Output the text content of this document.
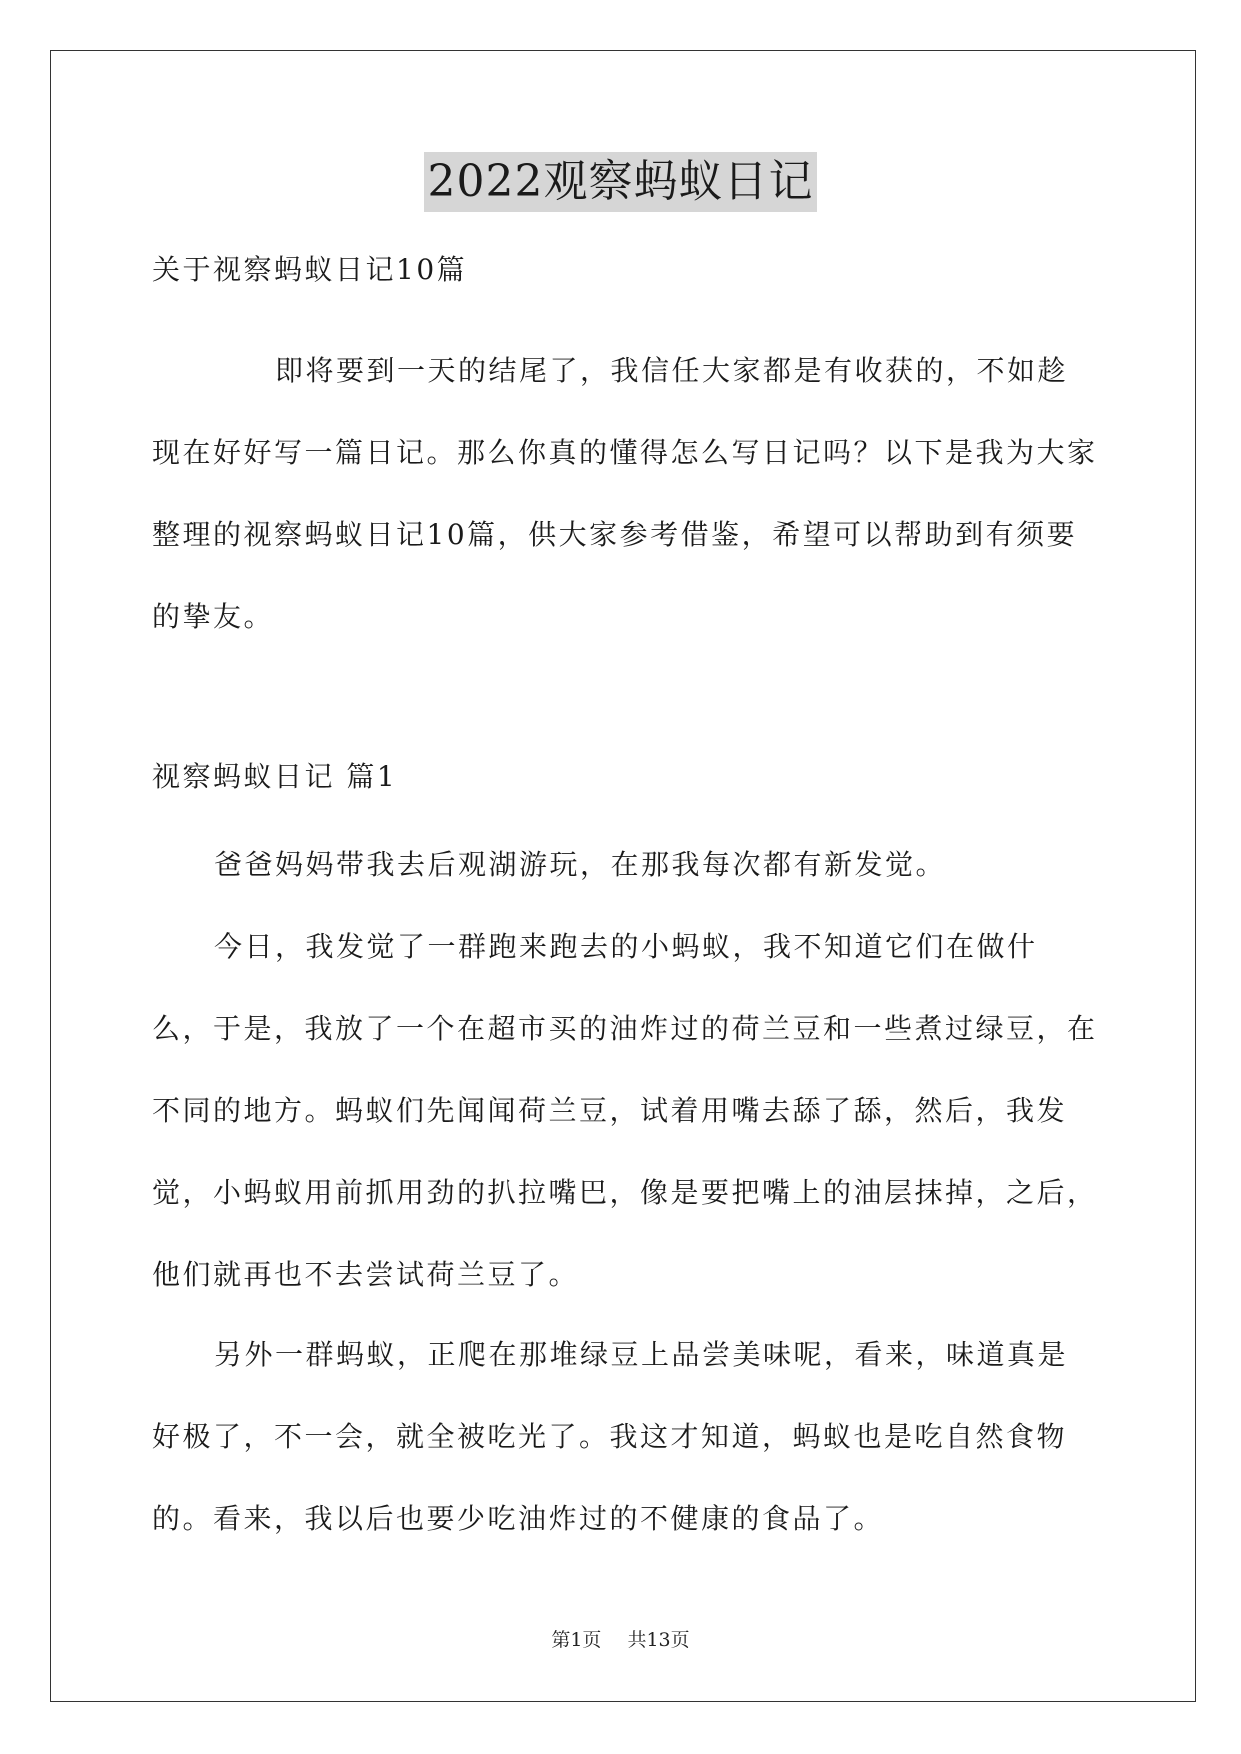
2022观察蚂蚁日记
关于视察蚂蚁日记10篇
即将要到一天的结尾了，我信任大家都是有收获的，不如趁现在好好写一篇日记。那么你真的懂得怎么写日记吗？以下是我为大家整理的视察蚂蚁日记10篇，供大家参考借鉴，希望可以帮助到有须要的挚友。
视察蚂蚁日记 篇1
爸爸妈妈带我去后观湖游玩，在那我每次都有新发觉。
今日，我发觉了一群跑来跑去的小蚂蚁，我不知道它们在做什么，于是，我放了一个在超市买的油炸过的荷兰豆和一些煮过绿豆，在不同的地方。蚂蚁们先闻闻荷兰豆，试着用嘴去舔了舔，然后，我发觉，小蚂蚁用前抓用劲的扒拉嘴巴，像是要把嘴上的油层抹掉，之后，他们就再也不去尝试荷兰豆了。
另外一群蚂蚁，正爬在那堆绿豆上品尝美味呢，看来，味道真是好极了，不一会，就全被吃光了。我这才知道，蚂蚁也是吃自然食物的。看来，我以后也要少吃油炸过的不健康的食品了。
第1页 共13页
